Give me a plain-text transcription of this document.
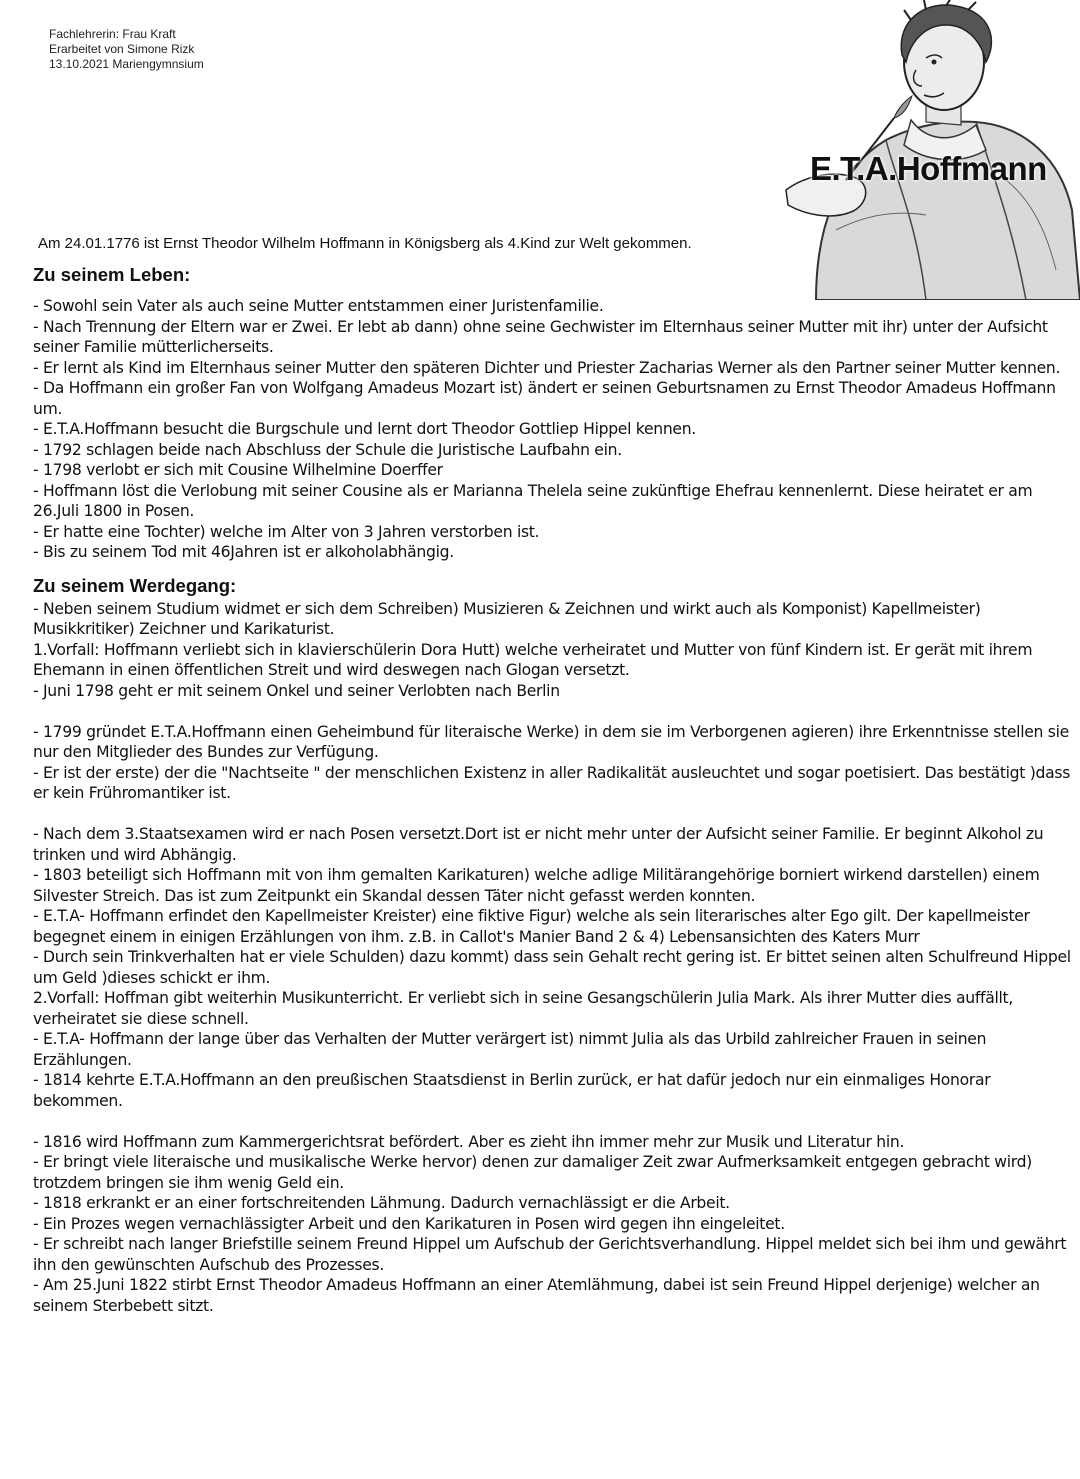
Fachlehrerin: Frau Kraft
Erarbeitet von Simone Rizk
13.10.2021 Mariengymnsium
E.T.A.Hoffmann
Am 24.01.1776 ist Ernst Theodor Wilhelm Hoffmann in Königsberg als 4.Kind zur Welt gekommen.
Zu seinem Leben:

- Sowohl sein Vater als auch seine Mutter entstammen einer Juristenfamilie.

- Nach Trennung der Eltern war er Zwei. Er lebt ab dann) ohne seine Gechwister im Elternhaus seiner Mutter mit ihr) unter der Aufsicht seiner Familie mütterlicherseits.

- Er lernt als Kind im Elternhaus seiner Mutter den späteren Dichter und Priester Zacharias Werner als den Partner seiner Mutter kennen.

- Da Hoffmann ein großer Fan von Wolfgang Amadeus Mozart ist) ändert er seinen Geburtsnamen zu Ernst Theodor Amadeus Hoffmann um.

- E.T.A.Hoffmann besucht die Burgschule und lernt dort Theodor Gottliep Hippel kennen.

- 1792 schlagen beide nach Abschluss der Schule die Juristische Laufbahn ein.

- 1798 verlobt er sich mit Cousine Wilhelmine Doerffer

- Hoffmann löst die Verlobung mit seiner Cousine als er Marianna Thelela seine zukünftige Ehefrau kennenlernt. Diese heiratet er am 26.Juli 1800 in Posen.

- Er hatte eine Tochter) welche im Alter von 3 Jahren verstorben ist.

- Bis zu seinem Tod mit 46Jahren ist er alkoholabhängig.

Zu seinem Werdegang:

- Neben seinem Studium widmet er sich dem Schreiben) Musizieren & Zeichnen und wirkt auch als Komponist) Kapellmeister) Musikkritiker) Zeichner und Karikaturist.

1.Vorfall: Hoffmann verliebt sich in klavierschülerin Dora Hutt) welche verheiratet und Mutter von fünf Kindern ist. Er gerät mit ihrem Ehemann in einen öffentlichen Streit und wird deswegen nach Glogan versetzt.

- Juni 1798 geht er mit seinem Onkel und seiner Verlobten nach Berlin

- 1799 gründet E.T.A.Hoffmann einen Geheimbund für literaische Werke) in dem sie im Verborgenen agieren) ihre Erkenntnisse stellen sie nur den Mitglieder des Bundes zur Verfügung.

- Er ist der erste) der die "Nachtseite " der menschlichen Existenz in aller Radikalität ausleuchtet und sogar poetisiert. Das bestätigt )dass er kein Frühromantiker ist.

- Nach dem 3.Staatsexamen wird er nach Posen versetzt.Dort ist er nicht mehr unter der Aufsicht seiner Familie. Er beginnt Alkohol zu trinken und wird Abhängig.

- 1803 beteiligt sich Hoffmann mit von ihm gemalten Karikaturen) welche adlige Militärangehörige borniert wirkend darstellen) einem Silvester Streich. Das ist zum Zeitpunkt ein Skandal dessen Täter nicht gefasst werden konnten.

- E.T.A- Hoffmann erfindet den Kapellmeister Kreister) eine fiktive Figur) welche als sein literarisches alter Ego gilt. Der kapellmeister begegnet einem in einigen Erzählungen von ihm. z.B. in Callot's Manier Band 2 & 4) Lebensansichten des Katers Murr

- Durch sein Trinkverhalten hat er viele Schulden) dazu kommt) dass sein Gehalt recht gering ist. Er bittet seinen alten Schulfreund Hippel um Geld )dieses schickt er ihm.

2.Vorfall: Hoffman gibt weiterhin Musikunterricht. Er verliebt sich in seine Gesangschülerin Julia Mark. Als ihrer Mutter dies auffällt, verheiratet sie diese schnell.

- E.T.A- Hoffmann der lange über das Verhalten der Mutter verärgert ist) nimmt Julia als das Urbild zahlreicher Frauen in seinen Erzählungen.

- 1814 kehrte E.T.A.Hoffmann an den preußischen Staatsdienst in Berlin zurück, er hat dafür jedoch nur ein einmaliges Honorar bekommen.

- 1816 wird Hoffmann zum Kammergerichtsrat befördert. Aber es zieht ihn immer mehr zur Musik und Literatur hin.

- Er bringt viele literaische und musikalische Werke hervor) denen zur damaliger Zeit zwar Aufmerksamkeit entgegen gebracht wird) trotzdem bringen sie ihm wenig Geld ein.

- 1818 erkrankt er an einer fortschreitenden Lähmung. Dadurch vernachlässigt er die Arbeit.

- Ein Prozes wegen vernachlässigter Arbeit und den Karikaturen in Posen wird gegen ihn eingeleitet.

- Er schreibt nach langer Briefstille seinem Freund Hippel um Aufschub der Gerichtsverhandlung. Hippel meldet sich bei ihm und gewährt ihn den gewünschten Aufschub des Prozesses.

- Am 25.Juni 1822 stirbt Ernst Theodor Amadeus Hoffmann an einer Atemlähmung, dabei ist sein Freund Hippel derjenige) welcher an seinem Sterbebett sitzt.
